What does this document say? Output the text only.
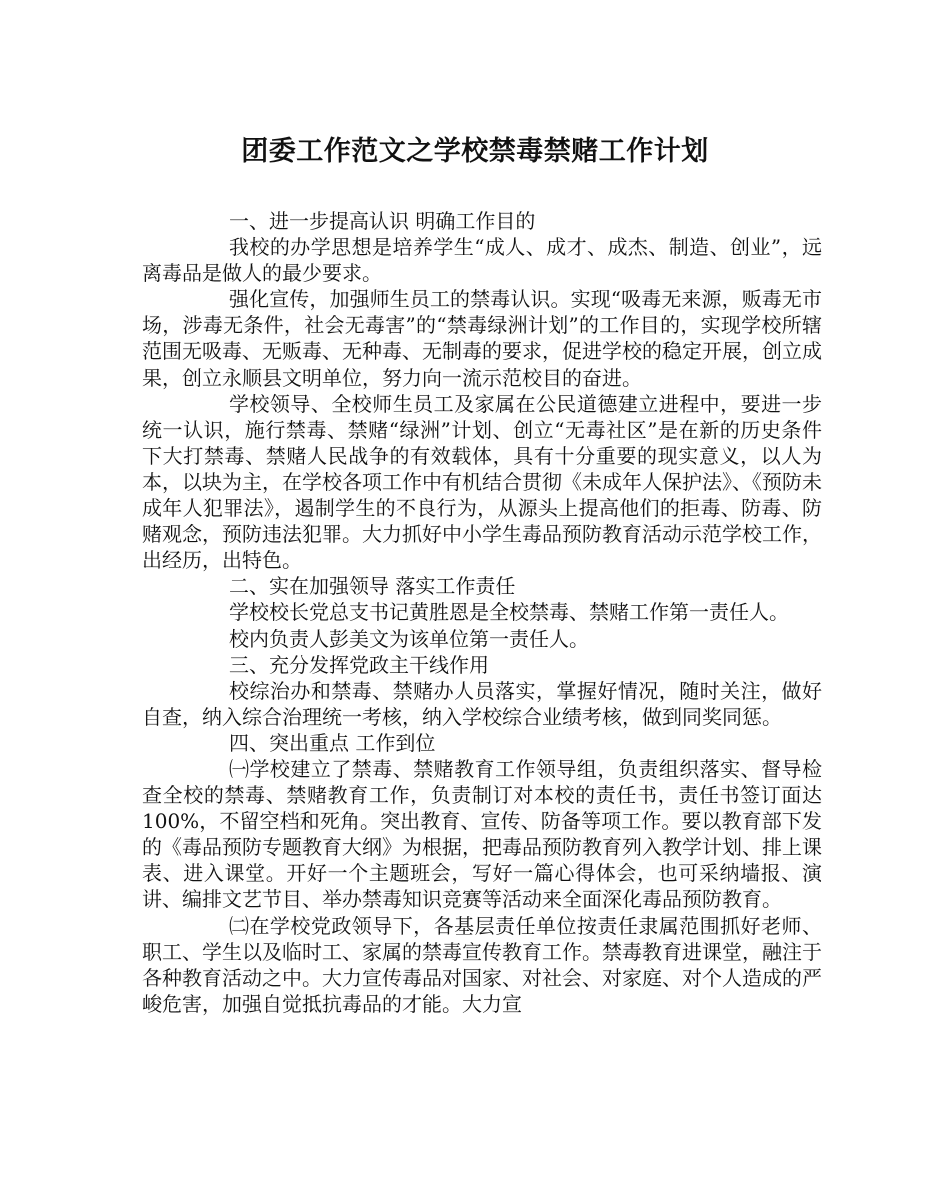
团委工作范文之学校禁毒禁赌工作计划

一、进一步提高认识 明确工作目的

我校的办学思想是培养学生“成人、成才、成杰、制造、创业”，远离毒品是做人的最少要求。

强化宣传，加强师生员工的禁毒认识。实现“吸毒无来源，贩毒无市场，涉毒无条件，社会无毒害”的“禁毒绿洲计划”的工作目的，实现学校所辖范围无吸毒、无贩毒、无种毒、无制毒的要求，促进学校的稳定开展，创立成果，创立永顺县文明单位，努力向一流示范校目的奋进。

学校领导、全校师生员工及家属在公民道德建立进程中，要进一步统一认识，施行禁毒、禁赌“绿洲”计划、创立“无毒社区”是在新的历史条件下大打禁毒、禁赌人民战争的有效载体，具有十分重要的现实意义，以人为本，以块为主，在学校各项工作中有机结合贯彻《未成年人保护法》、《预防未成年人犯罪法》，遏制学生的不良行为，从源头上提高他们的拒毒、防毒、防赌观念，预防违法犯罪。大力抓好中小学生毒品预防教育活动示范学校工作，出经历，出特色。

二、实在加强领导 落实工作责任

学校校长党总支书记黄胜恩是全校禁毒、禁赌工作第一责任人。

校内负责人彭美文为该单位第一责任人。

三、充分发挥党政主干线作用

校综治办和禁毒、禁赌办人员落实，掌握好情况，随时关注，做好自查，纳入综合治理统一考核，纳入学校综合业绩考核，做到同奖同惩。

四、突出重点 工作到位

㈠学校建立了禁毒、禁赌教育工作领导组，负责组织落实、督导检查全校的禁毒、禁赌教育工作，负责制订对本校的责任书，责任书签订面达100%，不留空档和死角。突出教育、宣传、防备等项工作。要以教育部下发的《毒品预防专题教育大纲》为根据，把毒品预防教育列入教学计划、排上课表、进入课堂。开好一个主题班会，写好一篇心得体会，也可采纳墙报、演讲、编排文艺节目、举办禁毒知识竞赛等活动来全面深化毒品预防教育。

㈡在学校党政领导下，各基层责任单位按责任隶属范围抓好老师、职工、学生以及临时工、家属的禁毒宣传教育工作。禁毒教育进课堂，融注于各种教育活动之中。大力宣传毒品对国家、对社会、对家庭、对个人造成的严峻危害，加强自觉抵抗毒品的才能。大力宣
